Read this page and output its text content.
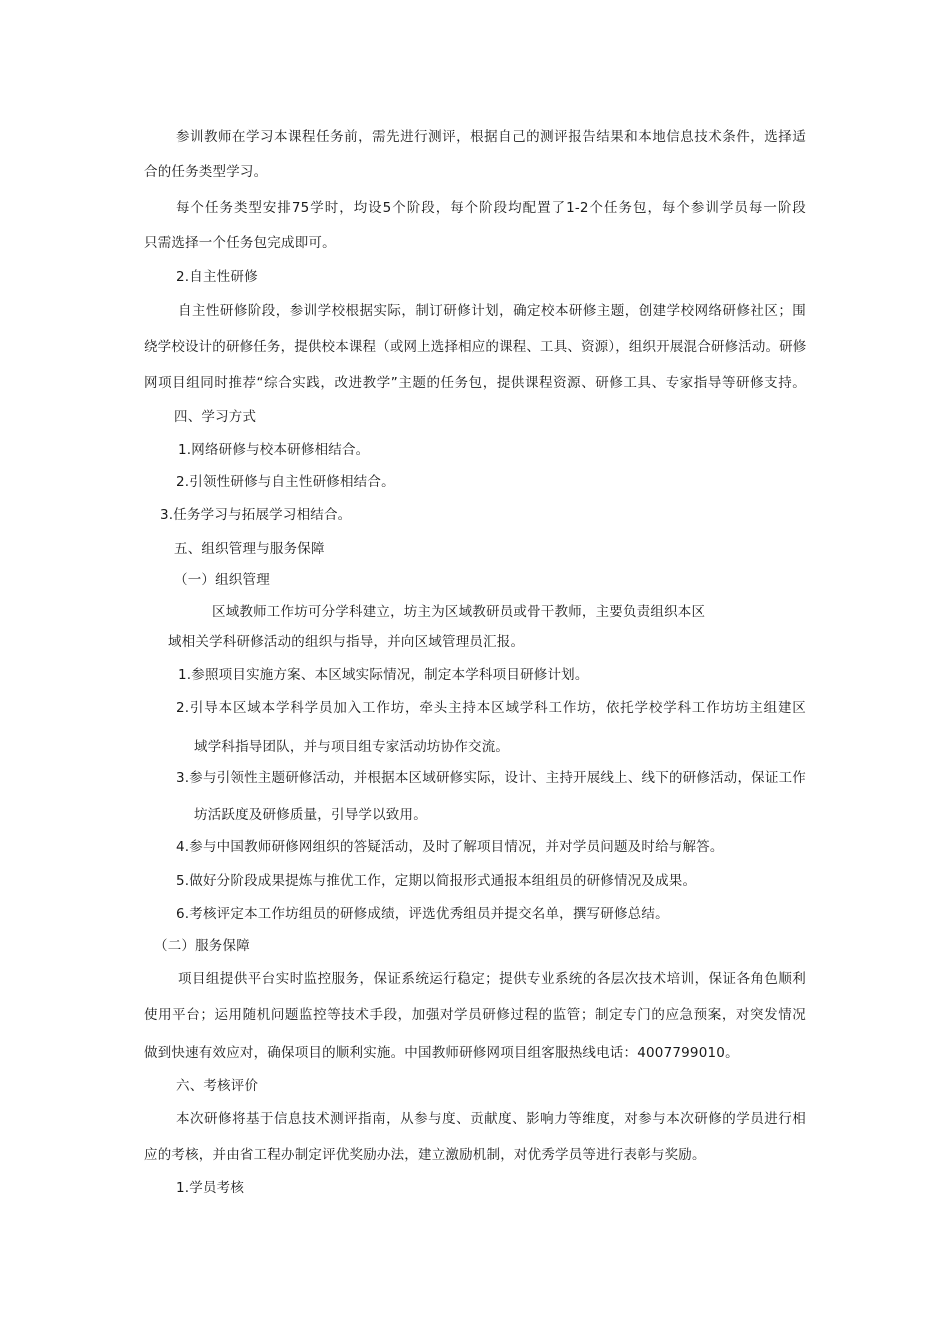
参训教师在学习本课程任务前，需先进行测评，根据自己的测评报告结果和本地信息技术条件，选择适
合的任务类型学习。
每个任务类型安排75学时，均设5个阶段，每个阶段均配置了1-2个任务包，每个参训学员每一阶段
只需选择一个任务包完成即可。
2.自主性研修
自主性研修阶段，参训学校根据实际，制订研修计划，确定校本研修主题，创建学校网络研修社区；围
绕学校设计的研修任务，提供校本课程（或网上选择相应的课程、工具、资源），组织开展混合研修活动。研修
网项目组同时推荐“综合实践，改进教学”主题的任务包，提供课程资源、研修工具、专家指导等研修支持。
四、学习方式
1.网络研修与校本研修相结合。
2.引领性研修与自主性研修相结合。
3.任务学习与拓展学习相结合。
五、组织管理与服务保障
（一）组织管理
区域教师工作坊可分学科建立，坊主为区域教研员或骨干教师，主要负责组织本区
域相关学科研修活动的组织与指导，并向区域管理员汇报。
1.参照项目实施方案、本区域实际情况，制定本学科项目研修计划。
2.引导本区域本学科学员加入工作坊，牵头主持本区域学科工作坊，依托学校学科工作坊坊主组建区
域学科指导团队，并与项目组专家活动坊协作交流。
3.参与引领性主题研修活动，并根据本区域研修实际，设计、主持开展线上、线下的研修活动，保证工作
坊活跃度及研修质量，引导学以致用。
4.参与中国教师研修网组织的答疑活动，及时了解项目情况，并对学员问题及时给与解答。
5.做好分阶段成果提炼与推优工作，定期以简报形式通报本组组员的研修情况及成果。
6.考核评定本工作坊组员的研修成绩，评选优秀组员并提交名单，撰写研修总结。
（二）服务保障
项目组提供平台实时监控服务，保证系统运行稳定；提供专业系统的各层次技术培训，保证各角色顺利
使用平台；运用随机问题监控等技术手段，加强对学员研修过程的监管；制定专门的应急预案，对突发情况
做到快速有效应对，确保项目的顺利实施。中国教师研修网项目组客服热线电话：4007799010。
六、考核评价
本次研修将基于信息技术测评指南，从参与度、贡献度、影响力等维度，对参与本次研修的学员进行相
应的考核，并由省工程办制定评优奖励办法，建立激励机制，对优秀学员等进行表彰与奖励。
1.学员考核
